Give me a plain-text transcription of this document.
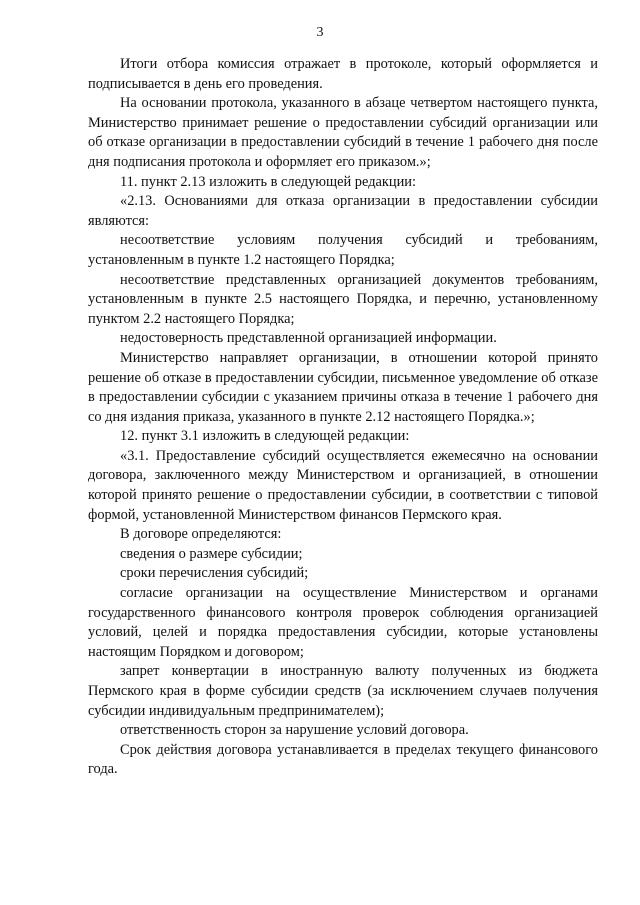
3

Итоги отбора комиссия отражает в протоколе, который оформляется и подписывается в день его проведения.

На основании протокола, указанного в абзаце четвертом настоящего пункта, Министерство принимает решение о предоставлении субсидий организации или об отказе организации в предоставлении субсидий в течение 1 рабочего дня после дня подписания протокола и оформляет его приказом.»;

11. пункт 2.13 изложить в следующей редакции:

«2.13. Основаниями для отказа организации в предоставлении субсидии являются:

несоответствие условиям получения субсидий и требованиям, установленным в пункте 1.2 настоящего Порядка;

несоответствие представленных организацией документов требованиям, установленным в пункте 2.5 настоящего Порядка, и перечню, установленному пунктом 2.2 настоящего Порядка;

недостоверность представленной организацией информации.

Министерство направляет организации, в отношении которой принято решение об отказе в предоставлении субсидии, письменное уведомление об отказе в предоставлении субсидии с указанием причины отказа в течение 1 рабочего дня со дня издания приказа, указанного в пункте 2.12 настоящего Порядка.»;

12. пункт 3.1 изложить в следующей редакции:

«3.1. Предоставление субсидий осуществляется ежемесячно на основании договора, заключенного между Министерством и организацией, в отношении которой принято решение о предоставлении субсидии, в соответствии с типовой формой, установленной Министерством финансов Пермского края.

В договоре определяются:

сведения о размере субсидии;

сроки перечисления субсидий;

согласие организации на осуществление Министерством и органами государственного финансового контроля проверок соблюдения организацией условий, целей и порядка предоставления субсидии, которые установлены настоящим Порядком и договором;

запрет конвертации в иностранную валюту полученных из бюджета Пермского края в форме субсидии средств (за исключением случаев получения субсидии индивидуальным предпринимателем);

ответственность сторон за нарушение условий договора.

Срок действия договора устанавливается в пределах текущего финансового года.
